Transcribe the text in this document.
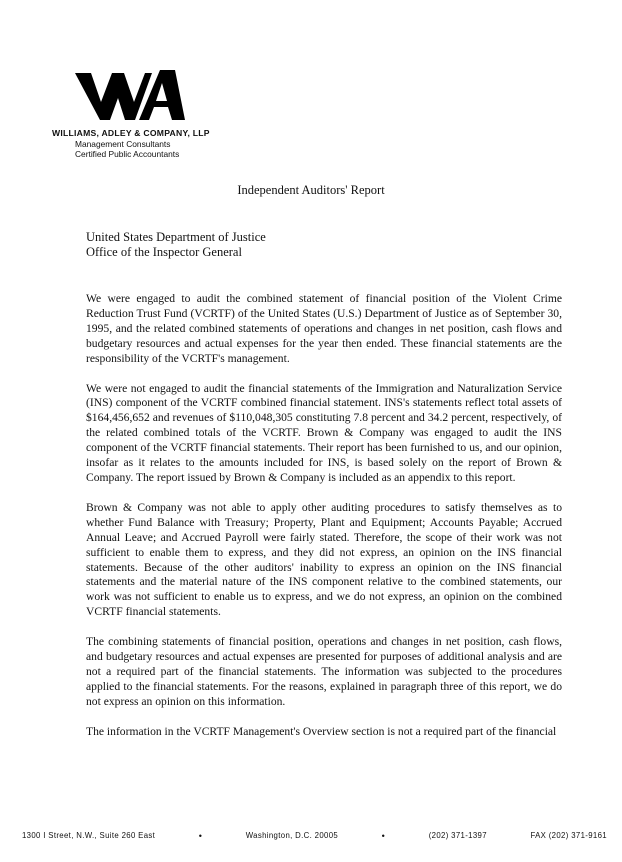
WILLIAMS, ADLEY & COMPANY, LLP

Management Consultants

Certified Public Accountants

Independent Auditors' Report

United States Department of Justice

Office of the Inspector General

We were engaged to audit the combined statement of financial position of the Violent Crime Reduction Trust Fund (VCRTF) of the United States (U.S.) Department of Justice as of September 30, 1995, and the related combined statements of operations and changes in net position, cash flows and budgetary resources and actual expenses for the year then ended. These financial statements are the responsibility of the VCRTF's management.

We were not engaged to audit the financial statements of the Immigration and Naturalization Service (INS) component of the VCRTF combined financial statement. INS's statements reflect total assets of $164,456,652 and revenues of $110,048,305 constituting 7.8 percent and 34.2 percent, respectively, of the related combined totals of the VCRTF. Brown & Company was engaged to audit the INS component of the VCRTF financial statements. Their report has been furnished to us, and our opinion, insofar as it relates to the amounts included for INS, is based solely on the report of Brown & Company. The report issued by Brown & Company is included as an appendix to this report.

Brown & Company was not able to apply other auditing procedures to satisfy themselves as to whether Fund Balance with Treasury; Property, Plant and Equipment; Accounts Payable; Accrued Annual Leave; and Accrued Payroll were fairly stated. Therefore, the scope of their work was not sufficient to enable them to express, and they did not express, an opinion on the INS financial statements. Because of the other auditors' inability to express an opinion on the INS financial statements and the material nature of the INS component relative to the combined statements, our work was not sufficient to enable us to express, and we do not express, an opinion on the combined VCRTF financial statements.

The combining statements of financial position, operations and changes in net position, cash flows, and budgetary resources and actual expenses are presented for purposes of additional analysis and are not a required part of the financial statements. The information was subjected to the procedures applied to the financial statements. For the reasons, explained in paragraph three of this report, we do not express an opinion on this information.

The information in the VCRTF Management's Overview section is not a required part of the financial

1300 I Street, N.W., Suite 260 East	•	Washington, D.C. 20005	•	(202) 371-1397	FAX (202) 371-9161
